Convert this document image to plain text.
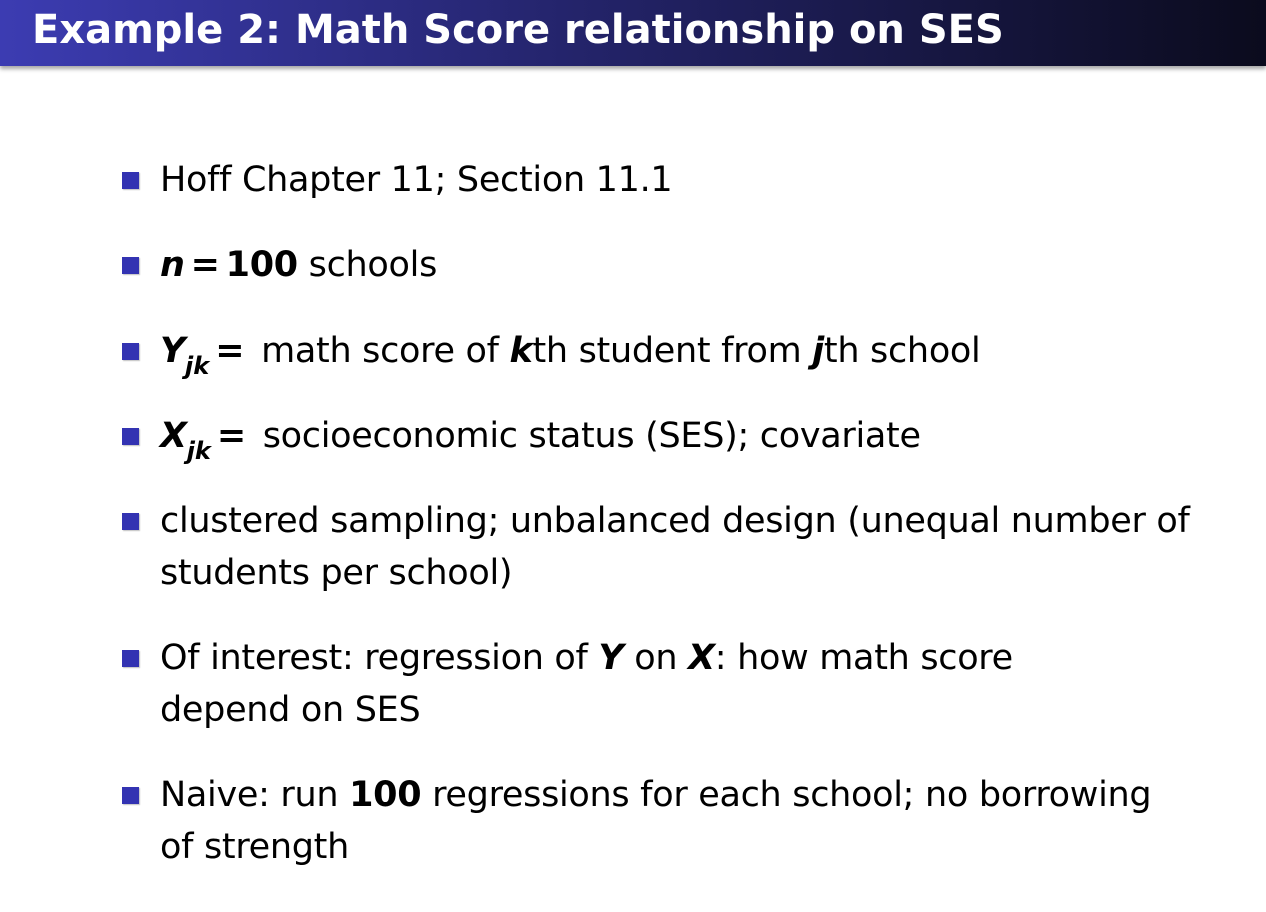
Example 2: Math Score relationship on SES
Hoff Chapter 11; Section 11.1
n = 100 schools
$Y_{jk}$ = math score of kth student from jth school
$X_{jk}$ = socioeconomic status (SES); covariate
clustered sampling; unbalanced design (unequal number of
students per school)
Of interest: regression of Y on X: how math score
depend on SES
Naive: run 100 regressions for each school; no borrowing
of strength
